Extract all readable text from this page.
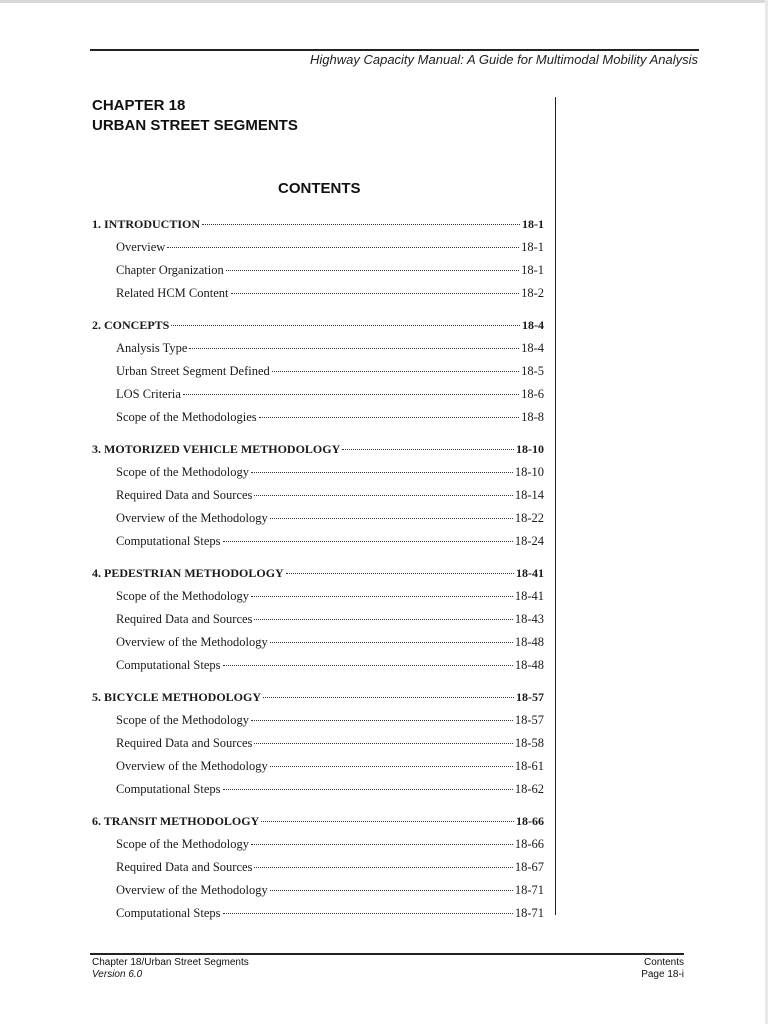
Highway Capacity Manual: A Guide for Multimodal Mobility Analysis
CHAPTER 18
URBAN STREET SEGMENTS
CONTENTS
1. INTRODUCTION	18-1
Overview	18-1
Chapter Organization	18-1
Related HCM Content	18-2
2. CONCEPTS	18-4
Analysis Type	18-4
Urban Street Segment Defined	18-5
LOS Criteria	18-6
Scope of the Methodologies	18-8
3. MOTORIZED VEHICLE METHODOLOGY	18-10
Scope of the Methodology	18-10
Required Data and Sources	18-14
Overview of the Methodology	18-22
Computational Steps	18-24
4. PEDESTRIAN METHODOLOGY	18-41
Scope of the Methodology	18-41
Required Data and Sources	18-43
Overview of the Methodology	18-48
Computational Steps	18-48
5. BICYCLE METHODOLOGY	18-57
Scope of the Methodology	18-57
Required Data and Sources	18-58
Overview of the Methodology	18-61
Computational Steps	18-62
6. TRANSIT METHODOLOGY	18-66
Scope of the Methodology	18-66
Required Data and Sources	18-67
Overview of the Methodology	18-71
Computational Steps	18-71
Chapter 18/Urban Street Segments
Version 6.0
Contents
Page 18-i
